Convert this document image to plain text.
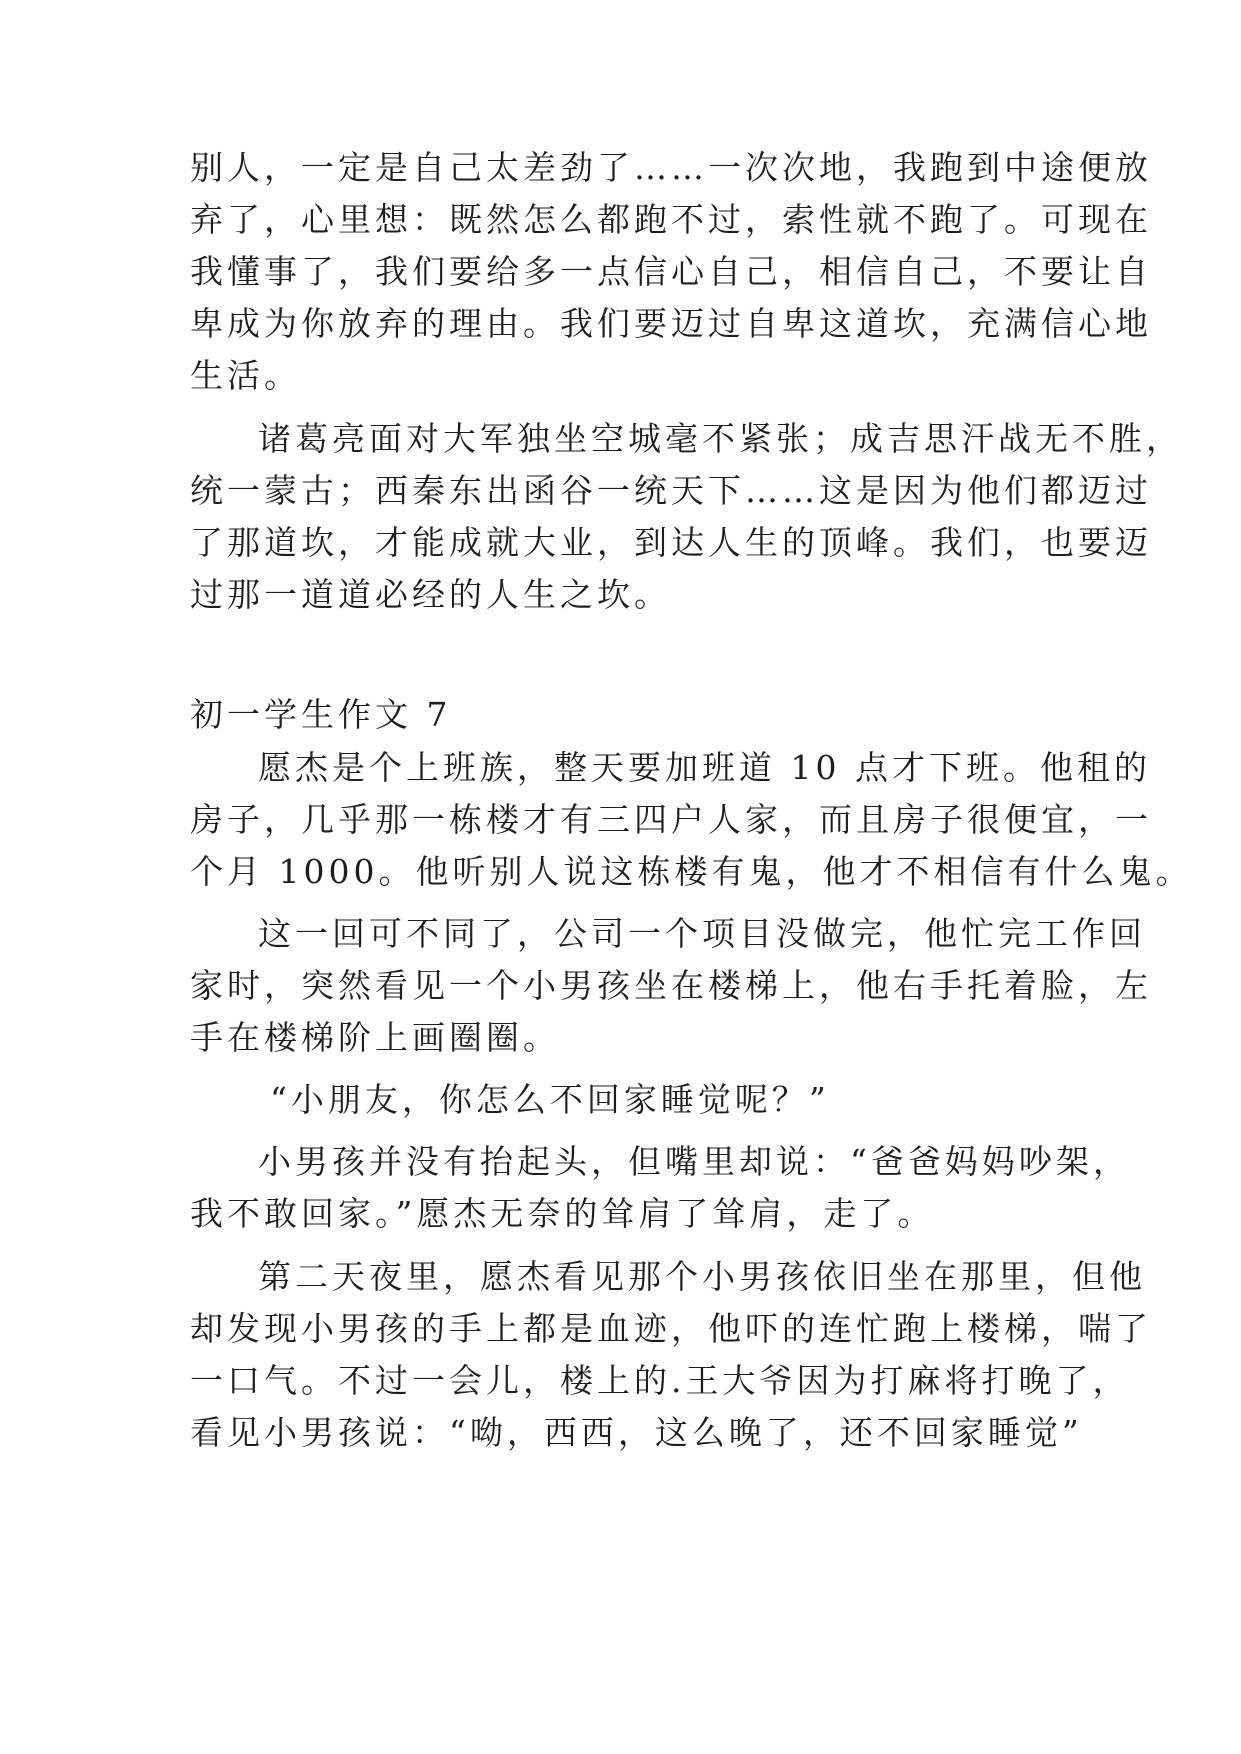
别人，一定是自己太差劲了……一次次地，我跑到中途便放
弃了，心里想：既然怎么都跑不过，索性就不跑了。可现在
我懂事了，我们要给多一点信心自己，相信自己，不要让自
卑成为你放弃的理由。我们要迈过自卑这道坎，充满信心地
生活。
诸葛亮面对大军独坐空城毫不紧张；成吉思汗战无不胜，
统一蒙古；西秦东出函谷一统天下……这是因为他们都迈过
了那道坎，才能成就大业，到达人生的顶峰。我们，也要迈
过那一道道必经的人生之坎。
初一学生作文 7
愿杰是个上班族，整天要加班道 10 点才下班。他租的
房子，几乎那一栋楼才有三四户人家，而且房子很便宜，一
个月 1000。他听别人说这栋楼有鬼，他才不相信有什么鬼。
这一回可不同了，公司一个项目没做完，他忙完工作回
家时，突然看见一个小男孩坐在楼梯上，他右手托着脸，左
手在楼梯阶上画圈圈。
“小朋友，你怎么不回家睡觉呢？”
小男孩并没有抬起头，但嘴里却说：“爸爸妈妈吵架，
我不敢回家。”愿杰无奈的耸肩了耸肩，走了。
第二天夜里，愿杰看见那个小男孩依旧坐在那里，但他
却发现小男孩的手上都是血迹，他吓的连忙跑上楼梯，喘了
一口气。不过一会儿，楼上的.王大爷因为打麻将打晚了，
看见小男孩说：“呦，西西，这么晚了，还不回家睡觉”
